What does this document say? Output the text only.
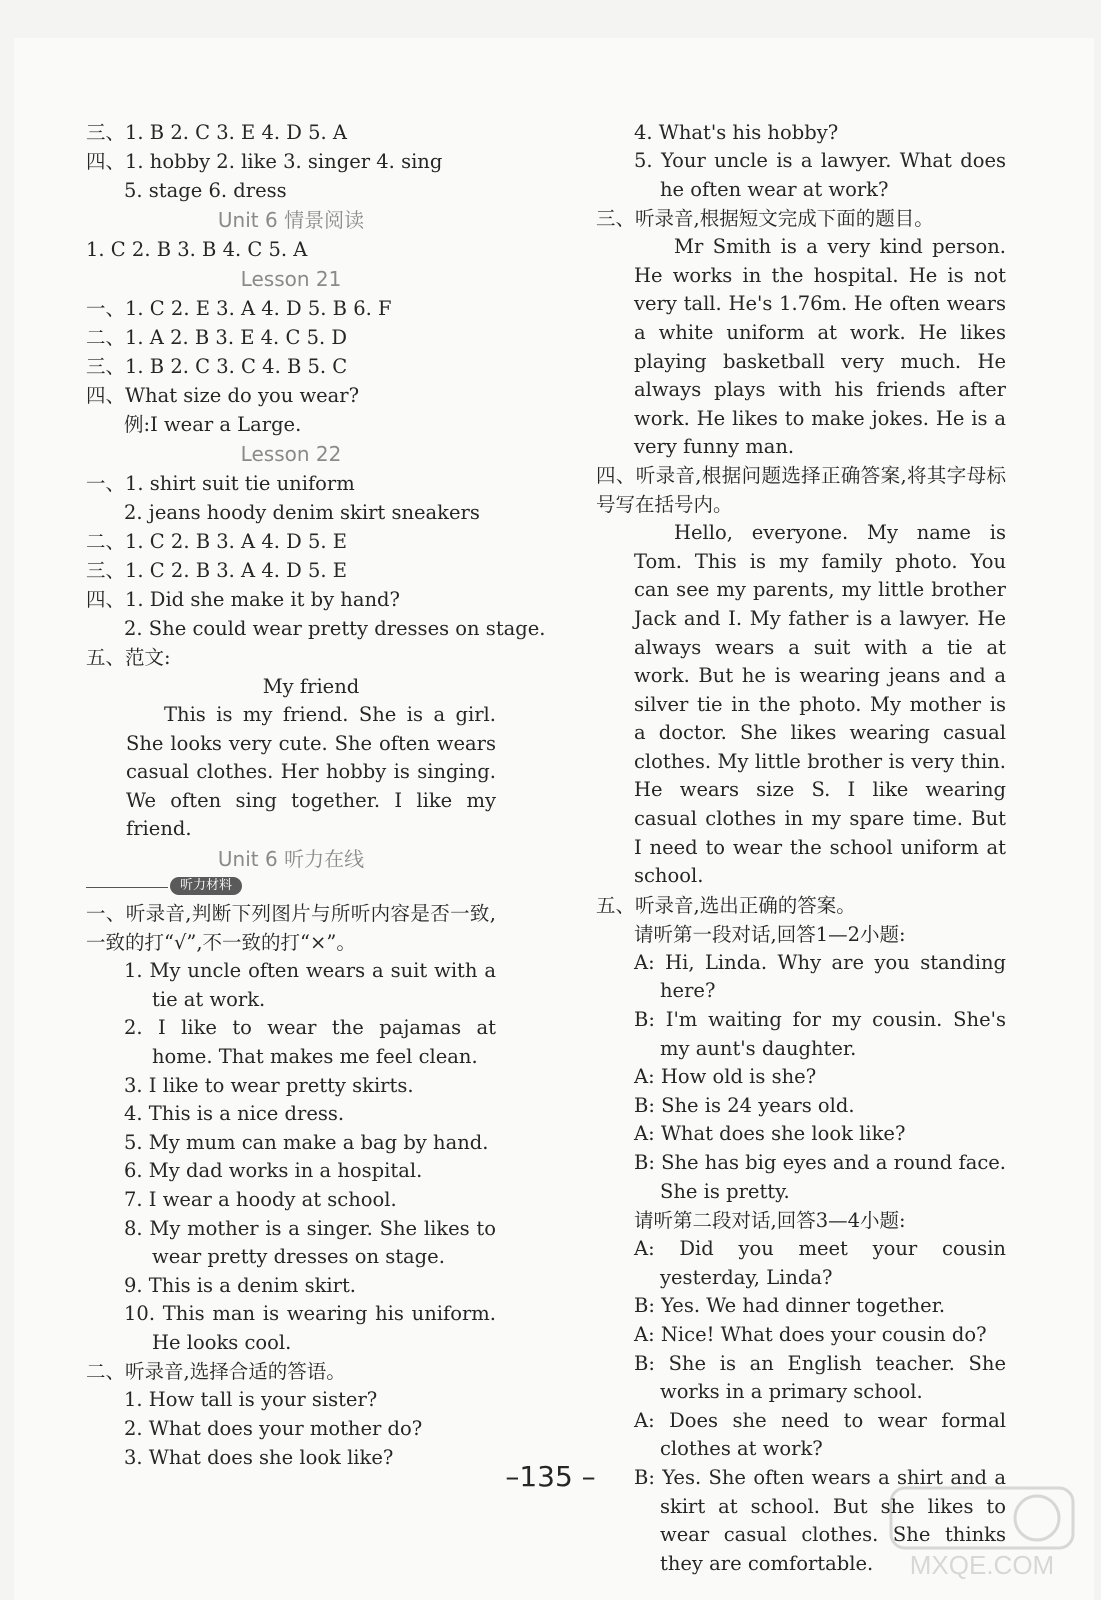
三、1. B 2. C 3. E 4. D 5. A
四、1. hobby 2. like 3. singer 4. sing
5. stage 6. dress
Unit 6 情景阅读
1. C 2. B 3. B 4. C 5. A
Lesson 21
一、1. C 2. E 3. A 4. D 5. B 6. F
二、1. A 2. B 3. E 4. C 5. D
三、1. B 2. C 3. C 4. B 5. C
四、What size do you wear?
例:I wear a Large.
Lesson 22
一、1. shirt suit tie uniform
2. jeans hoody denim skirt sneakers
二、1. C 2. B 3. A 4. D 5. E
三、1. C 2. B 3. A 4. D 5. E
四、1. Did she make it by hand?
2. She could wear pretty dresses on stage.
五、范文:
My friend
This is my friend. She is a girl. She looks very cute. She often wears casual clothes. Her hobby is singing. We often sing together. I like my friend.
Unit 6 听力在线
听力材料
一、听录音,判断下列图片与所听内容是否一致,一致的打“√”,不一致的打“×”。
1. My uncle often wears a suit with a tie at work.
2. I like to wear the pajamas at home. That makes me feel clean.
3. I like to wear pretty skirts.
4. This is a nice dress.
5. My mum can make a bag by hand.
6. My dad works in a hospital.
7. I wear a hoody at school.
8. My mother is a singer. She likes to wear pretty dresses on stage.
9. This is a denim skirt.
10. This man is wearing his uniform. He looks cool.
二、听录音,选择合适的答语。
1. How tall is your sister?
2. What does your mother do?
3. What does she look like?
4. What's his hobby?
5. Your uncle is a lawyer. What does he often wear at work?
三、听录音,根据短文完成下面的题目。
Mr Smith is a very kind person. He works in the hospital. He is not very tall. He's 1.76m. He often wears a white uniform at work. He likes playing basketball very much. He always plays with his friends after work. He likes to make jokes. He is a very funny man.
四、听录音,根据问题选择正确答案,将其字母标号写在括号内。
Hello, everyone. My name is Tom. This is my family photo. You can see my parents, my little brother Jack and I. My father is a lawyer. He always wears a suit with a tie at work. But he is wearing jeans and a silver tie in the photo. My mother is a doctor. She likes wearing casual clothes. My little brother is very thin. He wears size S. I like wearing casual clothes in my spare time. But I need to wear the school uniform at school.
五、听录音,选出正确的答案。
请听第一段对话,回答1—2小题:
A: Hi, Linda. Why are you standing here?
B: I'm waiting for my cousin. She's my aunt's daughter.
A: How old is she?
B: She is 24 years old.
A: What does she look like?
B: She has big eyes and a round face. She is pretty.
请听第二段对话,回答3—4小题:
A: Did you meet your cousin yesterday, Linda?
B: Yes. We had dinner together.
A: Nice! What does your cousin do?
B: She is an English teacher. She works in a primary school.
A: Does she need to wear formal clothes at work?
B: Yes. She often wears a shirt and a skirt at school. But she likes to wear casual clothes. She thinks they are comfortable.
–135 –
MXQE.COM
